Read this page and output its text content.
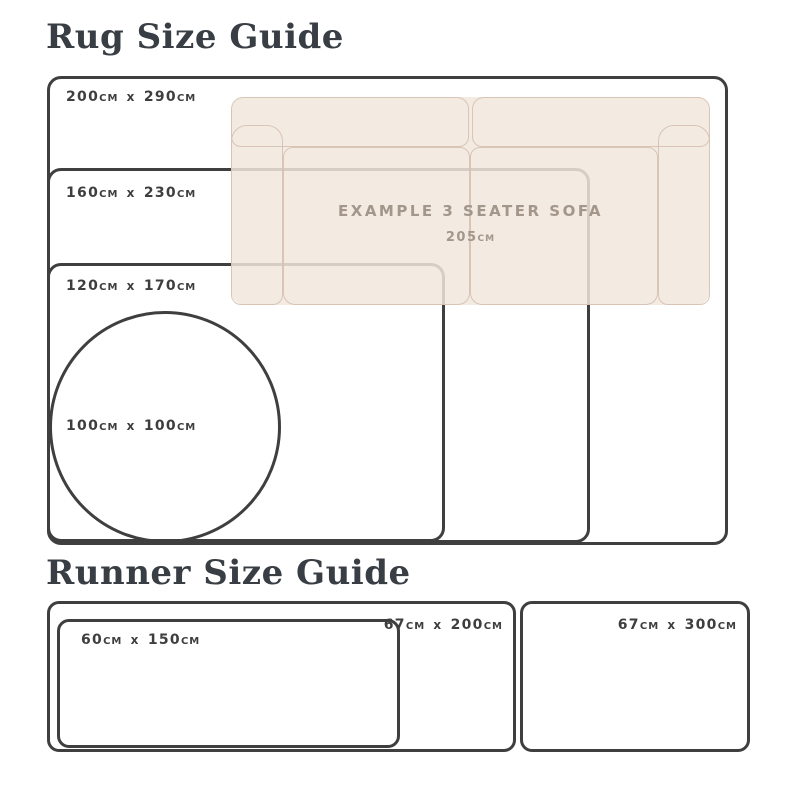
Rug Size Guide
EXAMPLE 3 SEATER SOFA
205CM
200CM x 290CM
160CM x 230CM
120CM x 170CM
100CM x 100CM
Runner Size Guide
60CM x 150CM
67CM x 200CM	67CM x 300CM
